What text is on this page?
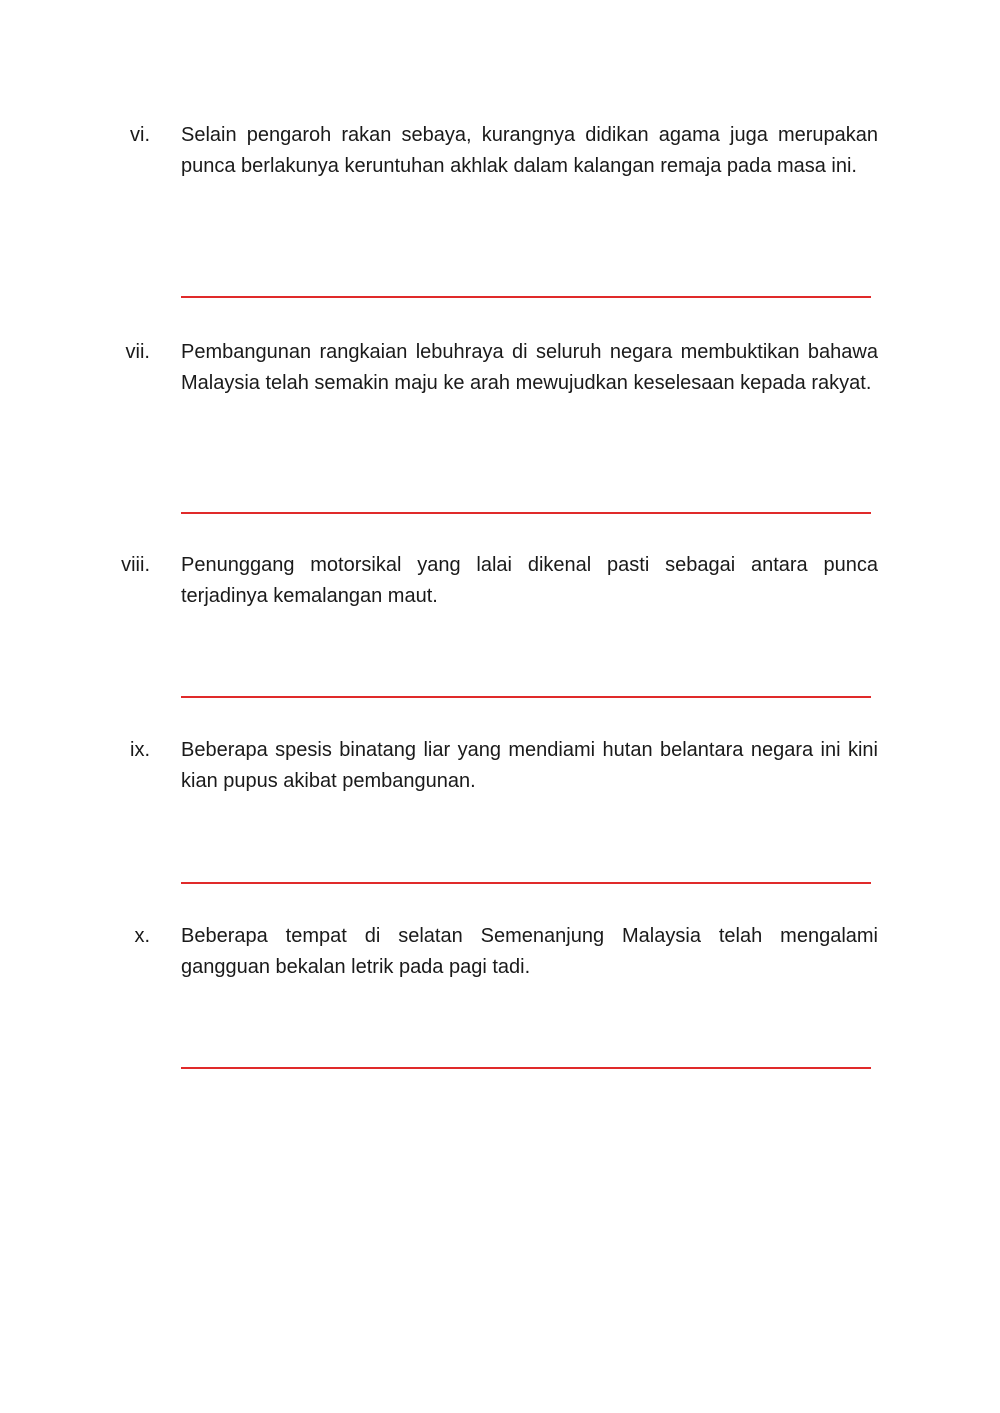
vi. Selain pengaroh rakan sebaya, kurangnya didikan agama juga merupakan punca berlakunya keruntuhan akhlak dalam kalangan remaja pada masa ini.
vii. Pembangunan rangkaian lebuhraya di seluruh negara membuktikan bahawa Malaysia telah semakin maju ke arah mewujudkan keselesaan kepada rakyat.
viii. Penunggang motorsikal yang lalai dikenal pasti sebagai antara punca terjadinya kemalangan maut.
ix. Beberapa spesis binatang liar yang mendiami hutan belantara negara ini kini kian pupus akibat pembangunan.
x. Beberapa tempat di selatan Semenanjung Malaysia telah mengalami gangguan bekalan letrik pada pagi tadi.
